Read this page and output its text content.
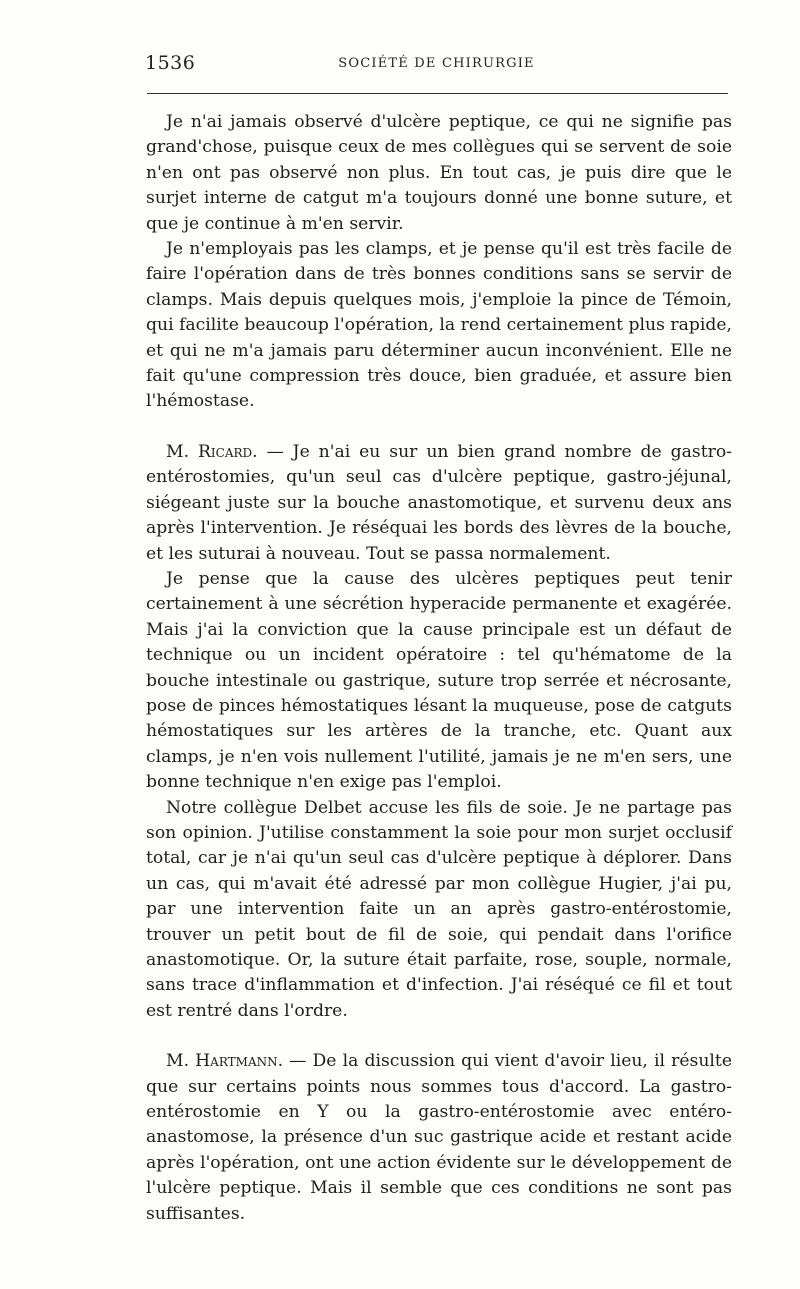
1536	SOCIÉTÉ DE CHIRURGIE

Je n'ai jamais observé d'ulcère peptique, ce qui ne signifie pas grand'chose, puisque ceux de mes collègues qui se servent de soie n'en ont pas observé non plus. En tout cas, je puis dire que le surjet interne de catgut m'a toujours donné une bonne suture, et que je continue à m'en servir.

Je n'employais pas les clamps, et je pense qu'il est très facile de faire l'opération dans de très bonnes conditions sans se servir de clamps. Mais depuis quelques mois, j'emploie la pince de Témoin, qui facilite beaucoup l'opération, la rend certainement plus rapide, et qui ne m'a jamais paru déterminer aucun inconvénient. Elle ne fait qu'une compression très douce, bien graduée, et assure bien l'hémostase.

M. Ricard. — Je n'ai eu sur un bien grand nombre de gastro-entérostomies, qu'un seul cas d'ulcère peptique, gastro-jéjunal, siégeant juste sur la bouche anastomotique, et survenu deux ans après l'intervention. Je réséquai les bords des lèvres de la bouche, et les suturai à nouveau. Tout se passa normalement.

Je pense que la cause des ulcères peptiques peut tenir certainement à une sécrétion hyperacide permanente et exagérée. Mais j'ai la conviction que la cause principale est un défaut de technique ou un incident opératoire : tel qu'hématome de la bouche intestinale ou gastrique, suture trop serrée et nécrosante, pose de pinces hémostatiques lésant la muqueuse, pose de catguts hémostatiques sur les artères de la tranche, etc. Quant aux clamps, je n'en vois nullement l'utilité, jamais je ne m'en sers, une bonne technique n'en exige pas l'emploi.

Notre collègue Delbet accuse les fils de soie. Je ne partage pas son opinion. J'utilise constamment la soie pour mon surjet occlusif total, car je n'ai qu'un seul cas d'ulcère peptique à déplorer. Dans un cas, qui m'avait été adressé par mon collègue Hugier, j'ai pu, par une intervention faite un an après gastro-entérostomie, trouver un petit bout de fil de soie, qui pendait dans l'orifice anastomotique. Or, la suture était parfaite, rose, souple, normale, sans trace d'inflammation et d'infection. J'ai réséqué ce fil et tout est rentré dans l'ordre.

M. Hartmann. — De la discussion qui vient d'avoir lieu, il résulte que sur certains points nous sommes tous d'accord. La gastro-entérostomie en Y ou la gastro-entérostomie avec entéro-anastomose, la présence d'un suc gastrique acide et restant acide après l'opération, ont une action évidente sur le développement de l'ulcère peptique. Mais il semble que ces conditions ne sont pas suffisantes.
